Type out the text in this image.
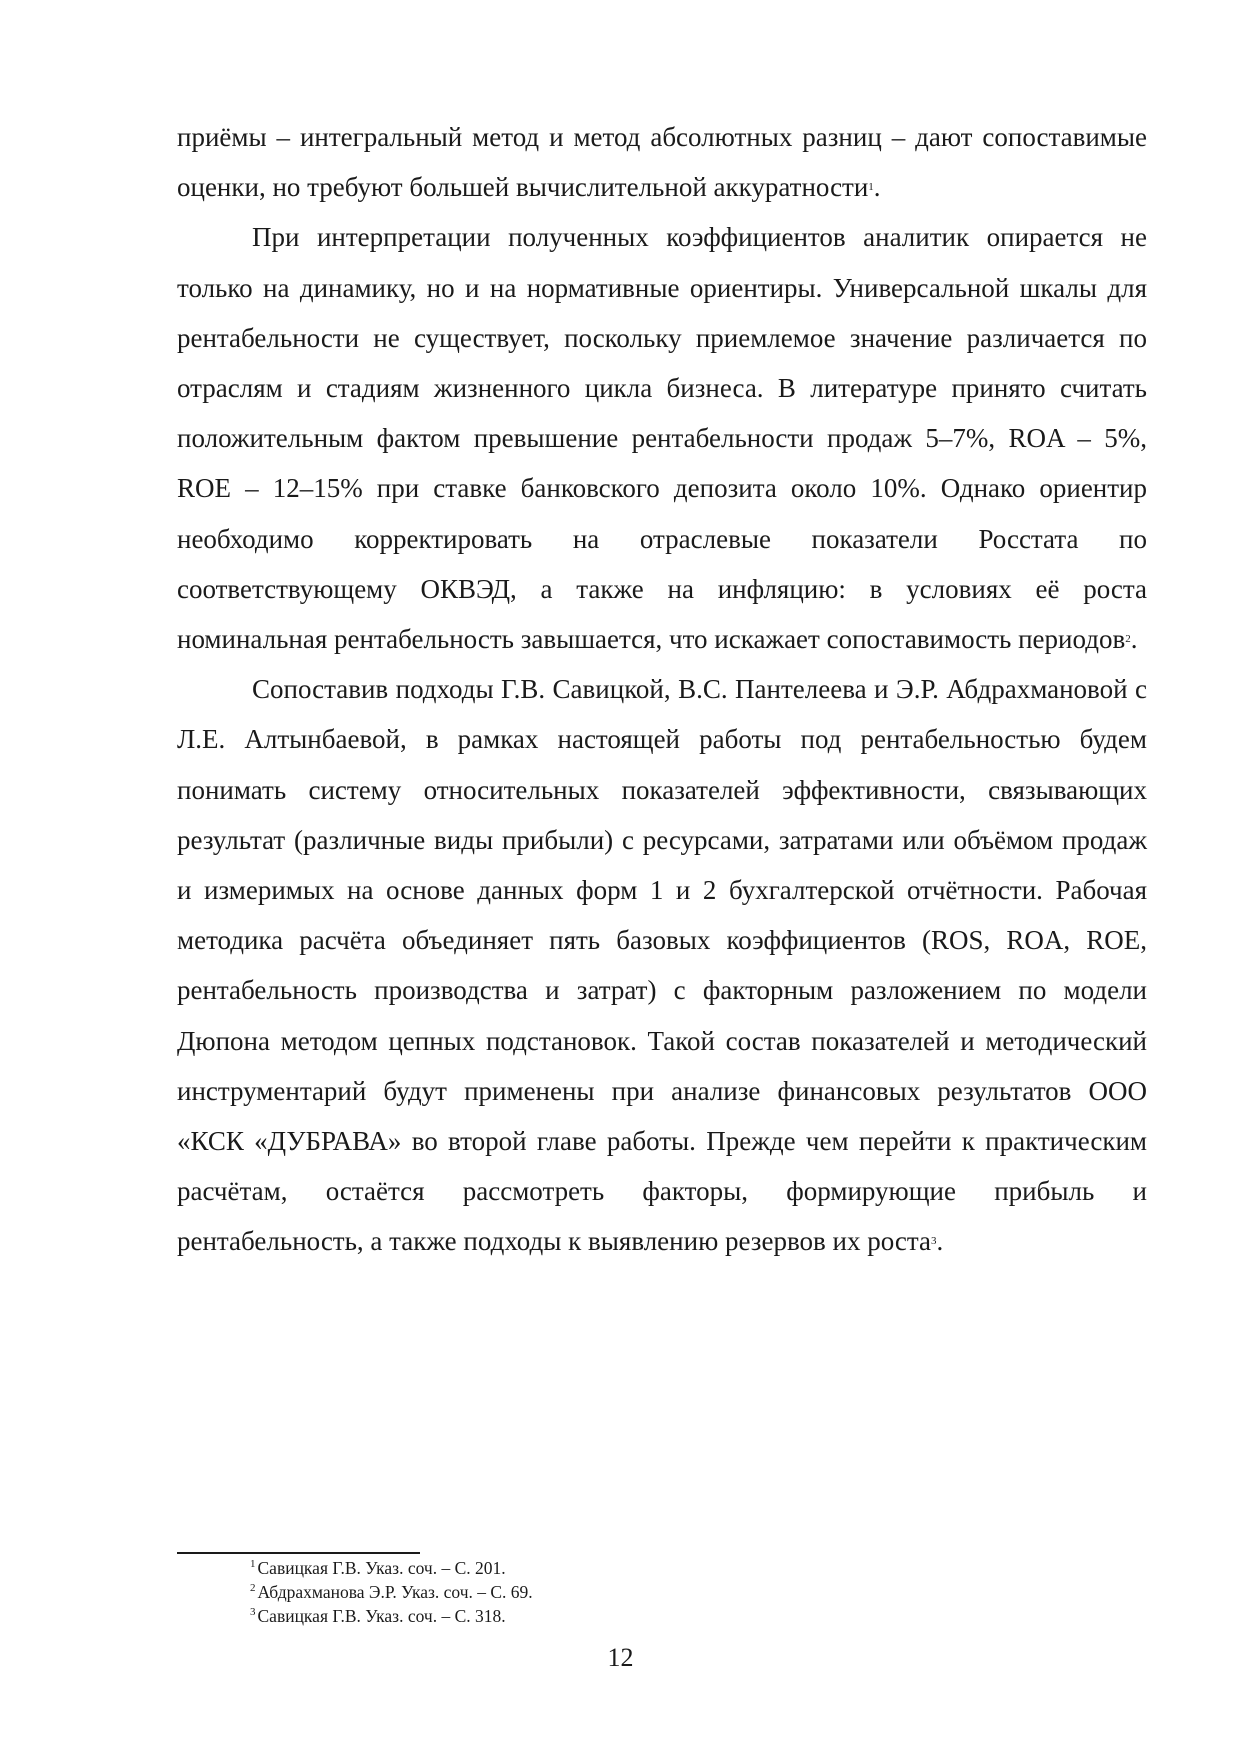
приёмы – интегральный метод и метод абсолютных разниц – дают сопоставимые оценки, но требуют большей вычислительной аккуратности$^1$.

При интерпретации полученных коэффициентов аналитик опирается не только на динамику, но и на нормативные ориентиры. Универсальной шкалы для рентабельности не существует, поскольку приемлемое значение различается по отраслям и стадиям жизненного цикла бизнеса. В литературе принято считать положительным фактом превышение рентабельности продаж 5–7%, ROA – 5%, ROE – 12–15% при ставке банковского депозита около 10%. Однако ориентир необходимо корректировать на отраслевые показатели Росстата по соответствующему ОКВЭД, а также на инфляцию: в условиях её роста номинальная рентабельность завышается, что искажает сопоставимость периодов$^2$.

Сопоставив подходы Г.В. Савицкой, В.С. Пантелеева и Э.Р. Абдрахмановой с Л.Е. Алтынбаевой, в рамках настоящей работы под рентабельностью будем понимать систему относительных показателей эффективности, связывающих результат (различные виды прибыли) с ресурсами, затратами или объёмом продаж и измеримых на основе данных форм 1 и 2 бухгалтерской отчётности. Рабочая методика расчёта объединяет пять базовых коэффициентов (ROS, ROA, ROE, рентабельность производства и затрат) с факторным разложением по модели Дюпона методом цепных подстановок. Такой состав показателей и методический инструментарий будут применены при анализе финансовых результатов ООО «КСК «ДУБРАВА» во второй главе работы. Прежде чем перейти к практическим расчётам, остаётся рассмотреть факторы, формирующие прибыль и рентабельность, а также подходы к выявлению резервов их роста$^3$.

$^1$ Савицкая Г.В. Указ. соч. – С. 201.
$^2$ Абдрахманова Э.Р. Указ. соч. – С. 69.
$^3$ Савицкая Г.В. Указ. соч. – С. 318.
12
